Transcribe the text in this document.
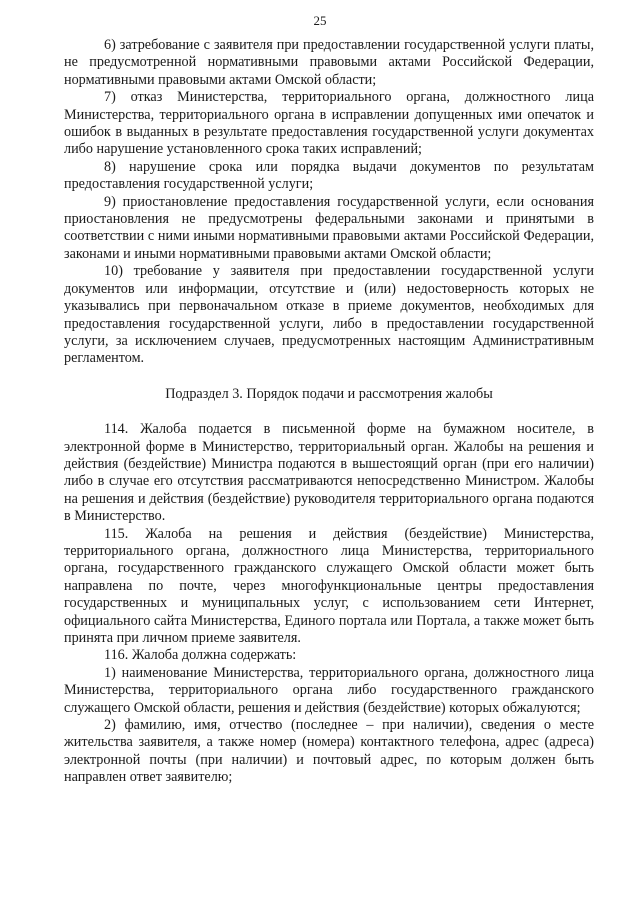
25

6) затребование с заявителя при предоставлении государственной услуги платы, не предусмотренной нормативными правовыми актами Российской Федерации, нормативными правовыми актами Омской области;

7) отказ Министерства, территориального органа, должностного лица Министерства, территориального органа в исправлении допущенных ими опечаток и ошибок в выданных в результате предоставления государственной услуги документах либо нарушение установленного срока таких исправлений;

8) нарушение срока или порядка выдачи документов по результатам предоставления государственной услуги;

9) приостановление предоставления государственной услуги, если основания приостановления не предусмотрены федеральными законами и принятыми в соответствии с ними иными нормативными правовыми актами Российской Федерации, законами и иными нормативными правовыми актами Омской области;

10) требование у заявителя при предоставлении государственной услуги документов или информации, отсутствие и (или) недостоверность которых не указывались при первоначальном отказе в приеме документов, необходимых для предоставления государственной услуги, либо в предоставлении государственной услуги, за исключением случаев, предусмотренных настоящим Административным регламентом.

Подраздел 3. Порядок подачи и рассмотрения жалобы

114. Жалоба подается в письменной форме на бумажном носителе, в электронной форме в Министерство, территориальный орган. Жалобы на решения и действия (бездействие) Министра подаются в вышестоящий орган (при его наличии) либо в случае его отсутствия рассматриваются непосредственно Министром. Жалобы на решения и действия (бездействие) руководителя территориального органа подаются в Министерство.

115. Жалоба на решения и действия (бездействие) Министерства, территориального органа, должностного лица Министерства, территориального органа, государственного гражданского служащего Омской области может быть направлена по почте, через многофункциональные центры предоставления государственных и муниципальных услуг, с использованием сети Интернет, официального сайта Министерства, Единого портала или Портала, а также может быть принята при личном приеме заявителя.

116. Жалоба должна содержать:

1) наименование Министерства, территориального органа, должностного лица Министерства, территориального органа либо государственного гражданского служащего Омской области, решения и действия (бездействие) которых обжалуются;

2) фамилию, имя, отчество (последнее – при наличии), сведения о месте жительства заявителя, а также номер (номера) контактного телефона, адрес (адреса) электронной почты (при наличии) и почтовый адрес, по которым должен быть направлен ответ заявителю;
